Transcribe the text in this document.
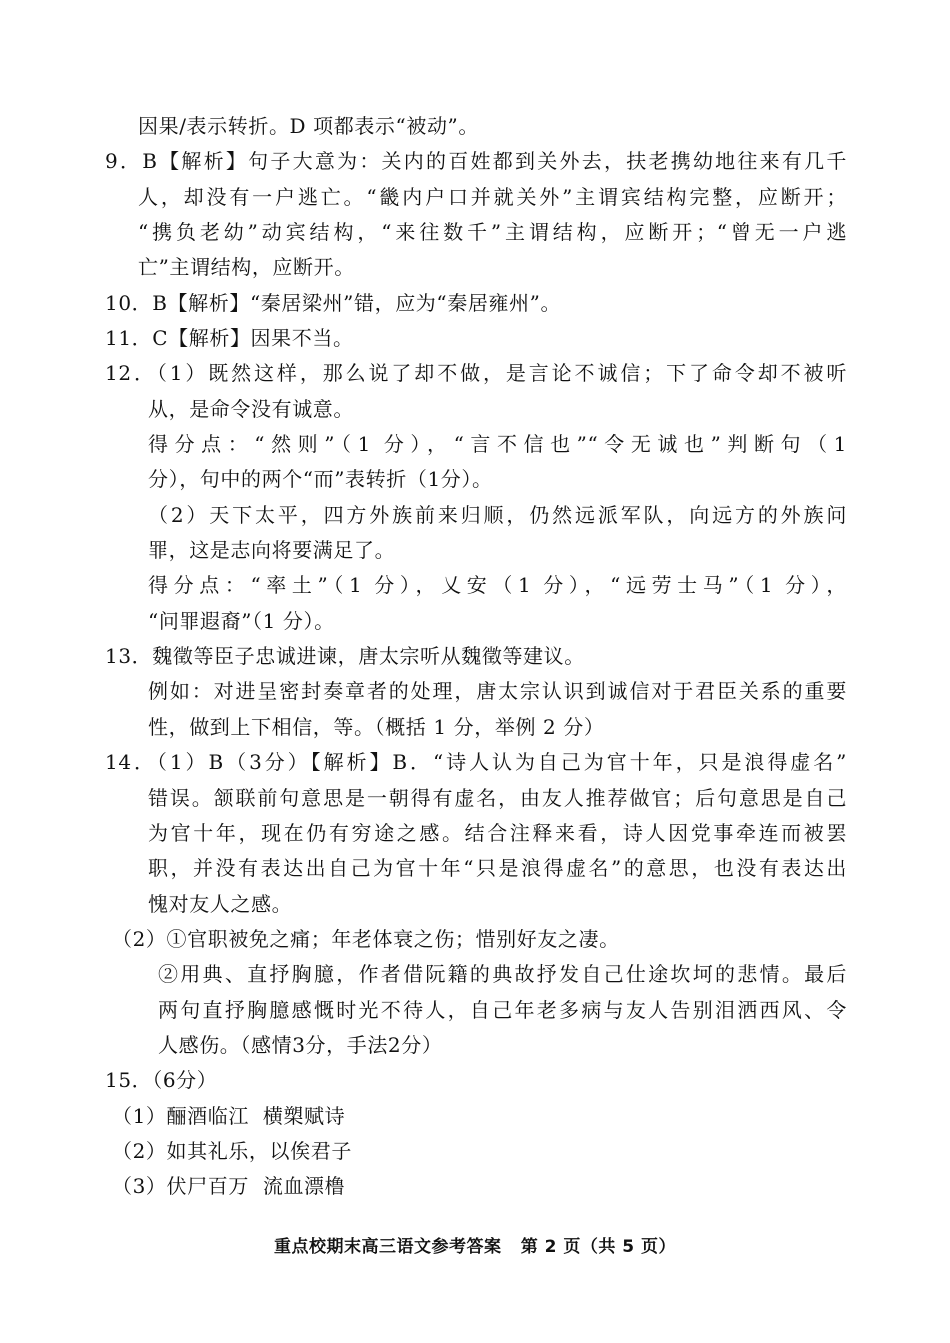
因果/表示转折。D 项都表示“被动”。
9．B【解析】句子大意为：关内的百姓都到关外去，扶老携幼地往来有几千
人，却没有一户逃亡。“畿内户口并就关外”主谓宾结构完整，应断开；
“携负老幼”动宾结构，“来往数千”主谓结构，应断开；“曾无一户逃
亡”主谓结构，应断开。
10．B【解析】“秦居梁州”错，应为“秦居雍州”。
11．C【解析】因果不当。
12．（1）既然这样，那么说了却不做，是言论不诚信；下了命令却不被听
从，是命令没有诚意。
得分点：“然则”（1 分），“言不信也”“令无诚也”判断句（1
分），句中的两个“而”表转折（1分）。
（2）天下太平，四方外族前来归顺，仍然远派军队，向远方的外族问
罪，这是志向将要满足了。
得分点：“率土”（1 分），乂安（1 分），“远劳士马”（1 分），
“问罪遐裔”（1 分）。
13．魏徵等臣子忠诚进谏，唐太宗听从魏徵等建议。
例如：对进呈密封奏章者的处理，唐太宗认识到诚信对于君臣关系的重要
性，做到上下相信，等。（概括 1 分，举例 2 分）
14．（1）B（3分）【解析】B．“诗人认为自己为官十年，只是浪得虚名”
错误。颔联前句意思是一朝得有虚名，由友人推荐做官；后句意思是自己
为官十年，现在仍有穷途之感。结合注释来看，诗人因党事牵连而被罢
职，并没有表达出自己为官十年“只是浪得虚名”的意思，也没有表达出
愧对友人之感。
（2）①官职被免之痛；年老体衰之伤；惜别好友之凄。
②用典、直抒胸臆，作者借阮籍的典故抒发自己仕途坎坷的悲情。最后
两句直抒胸臆感慨时光不待人，自己年老多病与友人告别泪洒西风、令
人感伤。（感情3分，手法2分）
15．（6分）
（1）酾酒临江  横槊赋诗
（2）如其礼乐，以俟君子
（3）伏尸百万  流血漂橹
重点校期末高三语文参考答案   第 2 页（共 5 页）
